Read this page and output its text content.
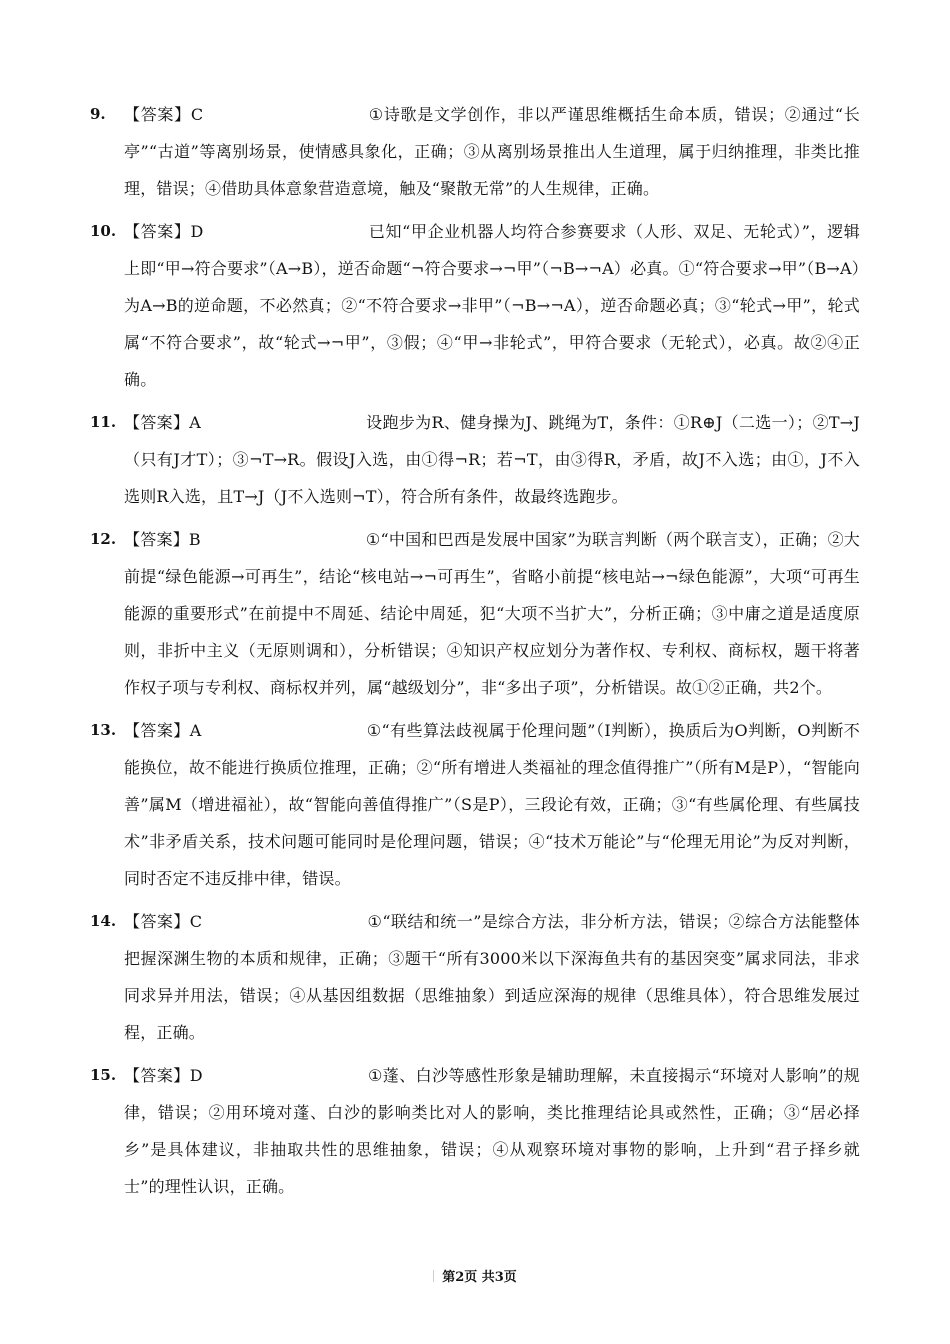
9.	【答案】C	①诗歌是文学创作，非以严谨思维概括生命本质，错误；②通过“长亭”“古道”等离别场景，使情感具象化，正确；③从离别场景推出人生道理，属于归纳推理，非类比推理，错误；④借助具体意象营造意境，触及“聚散无常”的人生规律，正确。
10. 【答案】D	已知“甲企业机器人均符合参赛要求（人形、双足、无轮式）”，逻辑上即“甲→符合要求”（A→B），逆否命题“¬符合要求→¬甲”（¬B→¬A）必真。①“符合要求→甲”（B→A）为A→B的逆命题，不必然真；②“不符合要求→非甲”（¬B→¬A），逆否命题必真；③“轮式→甲”，轮式属“不符合要求”，故“轮式→¬甲”，③假；④“甲→非轮式”，甲符合要求（无轮式），必真。故②④正确。
11. 【答案】A	设跑步为R、健身操为J、跳绳为T，条件：①R⊕J（二选一）；②T→J（只有J才T）；③¬T→R。假设J入选，由①得¬R；若¬T，由③得R，矛盾，故J不入选；由①，J不入选则R入选，且T→J（J不入选则¬T），符合所有条件，故最终选跑步。
12. 【答案】B	①“中国和巴西是发展中国家”为联言判断（两个联言支），正确；②大前提“绿色能源→可再生”，结论“核电站→¬可再生”，省略小前提“核电站→¬绿色能源”，大项“可再生能源的重要形式”在前提中不周延、结论中周延，犯“大项不当扩大”，分析正确；③中庸之道是适度原则，非折中主义（无原则调和），分析错误；④知识产权应划分为著作权、专利权、商标权，题干将著作权子项与专利权、商标权并列，属“越级划分”，非“多出子项”，分析错误。故①②正确，共2个。
13. 【答案】A	①“有些算法歧视属于伦理问题”（I判断），换质后为O判断，O判断不能换位，故不能进行换质位推理，正确；②“所有增进人类福祉的理念值得推广”（所有M是P），“智能向善”属M（增进福祉），故“智能向善值得推广”（S是P），三段论有效，正确；③“有些属伦理、有些属技术”非矛盾关系，技术问题可能同时是伦理问题，错误；④“技术万能论”与“伦理无用论”为反对判断，同时否定不违反排中律，错误。
14. 【答案】C	①“联结和统一”是综合方法，非分析方法，错误；②综合方法能整体把握深渊生物的本质和规律，正确；③题干“所有3000米以下深海鱼共有的基因突变”属求同法，非求同求异并用法，错误；④从基因组数据（思维抽象）到适应深海的规律（思维具体），符合思维发展过程，正确。
15. 【答案】D	①蓬、白沙等感性形象是辅助理解，未直接揭示“环境对人影响”的规律，错误；②用环境对蓬、白沙的影响类比对人的影响，类比推理结论具或然性，正确；③“居必择乡”是具体建议，非抽取共性的思维抽象，错误；④从观察环境对事物的影响，上升到“君子择乡就士”的理性认识，正确。
第2页 共3页
